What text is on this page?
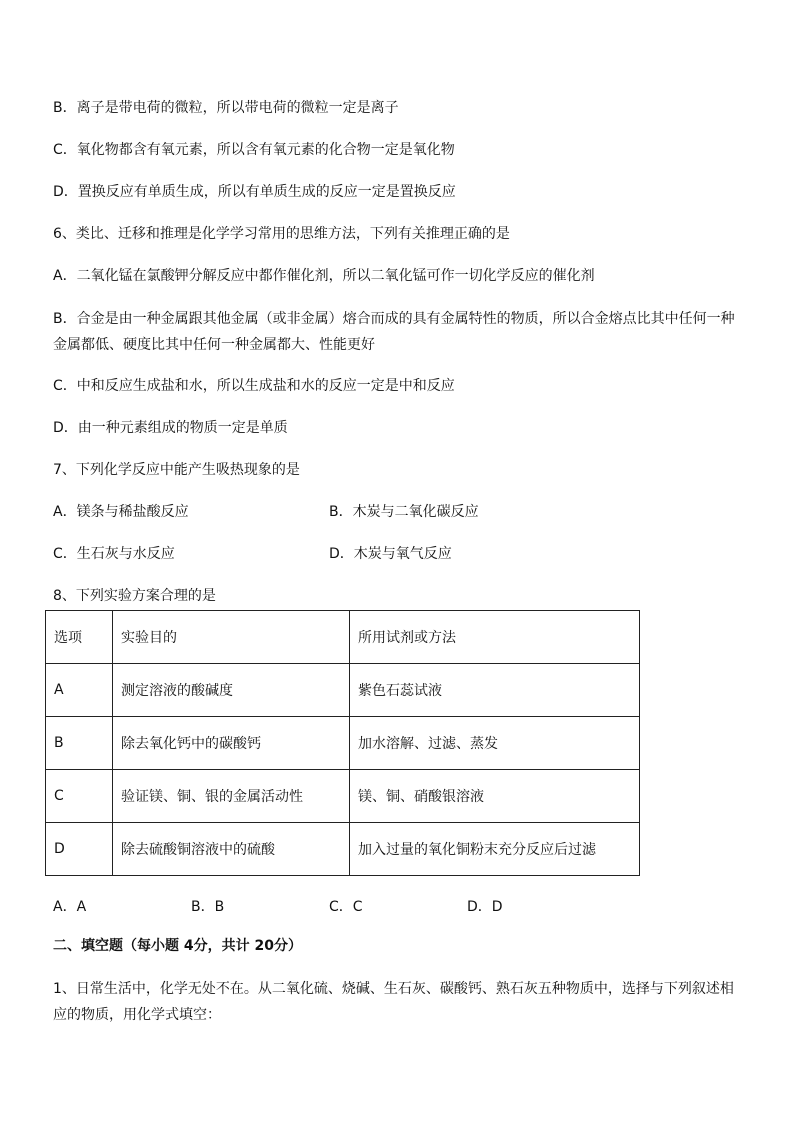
B．离子是带电荷的微粒，所以带电荷的微粒一定是离子
C．氧化物都含有氧元素，所以含有氧元素的化合物一定是氧化物
D．置换反应有单质生成，所以有单质生成的反应一定是置换反应
6、类比、迁移和推理是化学学习常用的思维方法，下列有关推理正确的是
A．二氧化锰在氯酸钾分解反应中都作催化剂，所以二氧化锰可作一切化学反应的催化剂
B．合金是由一种金属跟其他金属（或非金属）熔合而成的具有金属特性的物质，所以合金熔点比其中任何一种金属都低、硬度比其中任何一种金属都大、性能更好
C．中和反应生成盐和水，所以生成盐和水的反应一定是中和反应
D．由一种元素组成的物质一定是单质
7、下列化学反应中能产生吸热现象的是
A．镁条与稀盐酸反应	B．木炭与二氧化碳反应
C．生石灰与水反应	D．木炭与氧气反应
8、下列实验方案合理的是
选项	实验目的	所用试剂或方法
A	测定溶液的酸碱度	紫色石蕊试液
B	除去氧化钙中的碳酸钙	加水溶解、过滤、蒸发
C	验证镁、铜、银的金属活动性	镁、铜、硝酸银溶液
D	除去硫酸铜溶液中的硫酸	加入过量的氧化铜粉末充分反应后过滤
A．A	B．B	C．C	D．D
二、填空题（每小题 4分，共计 20分）
1、日常生活中，化学无处不在。从二氧化硫、烧碱、生石灰、碳酸钙、熟石灰五种物质中，选择与下列叙述相应的物质，用化学式填空：
